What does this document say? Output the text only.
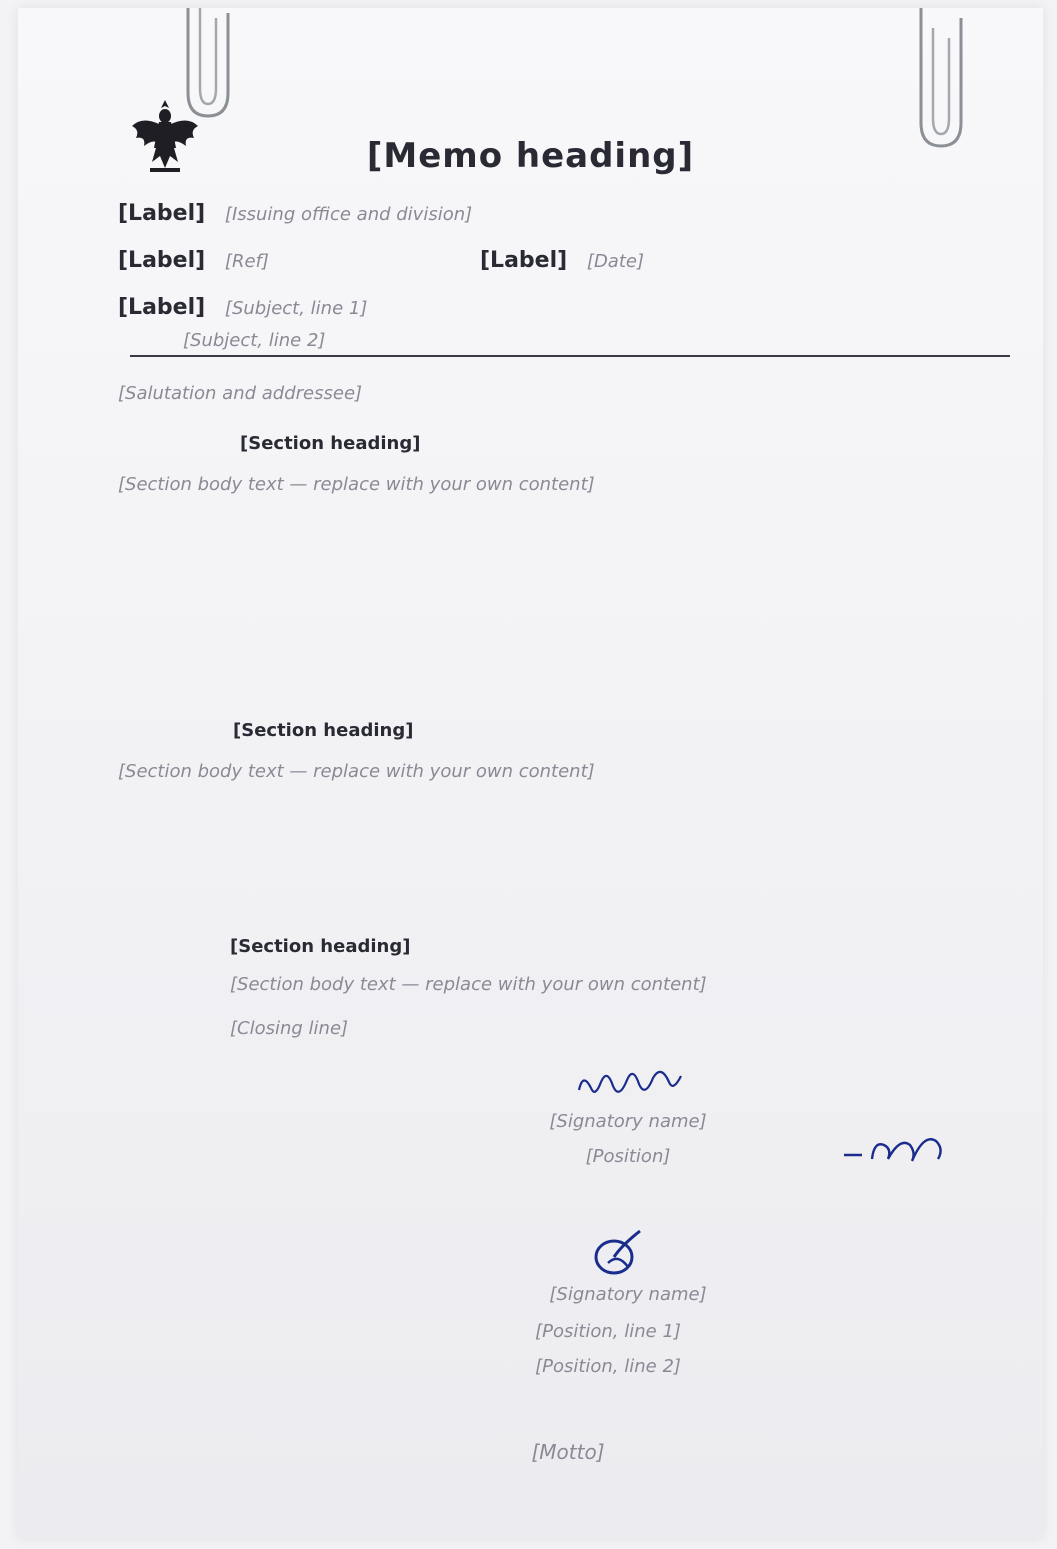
[Memo heading]
[Label] [Issuing office and division]
[Label] [Ref]	[Label] [Date]
[Label] [Subject, line 1]
[Subject, line 2]
[Salutation and addressee]
[Section heading]
[Section body text — replace with your own content]
[Section heading]
[Section body text — replace with your own content]
[Section heading]
[Section body text — replace with your own content]
[Closing line]
[Signatory name]
[Position]
[Signatory name]
[Position, line 1]
[Position, line 2]
[Motto]
